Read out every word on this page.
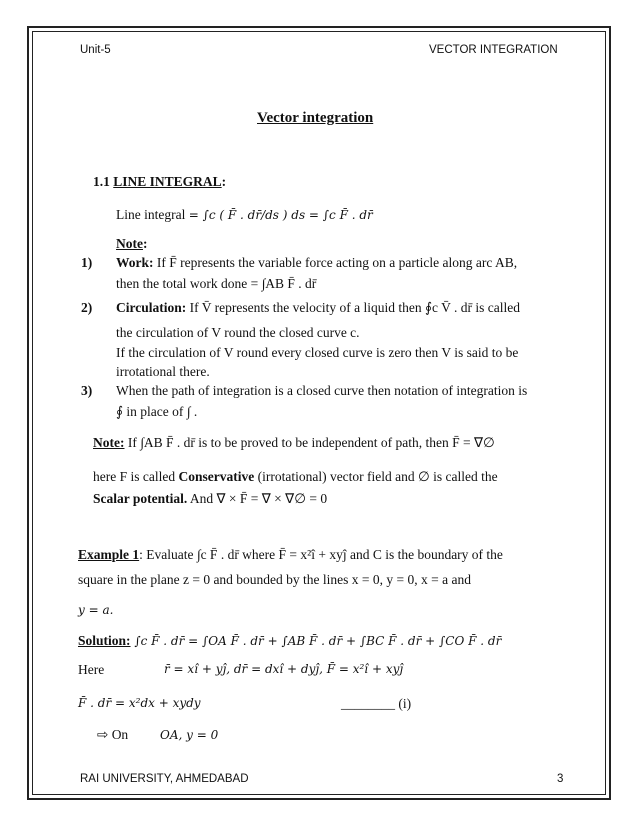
Unit-5	VECTOR INTEGRATION
Vector integration
1.1 LINE INTEGRAL:
Line integral = ∫c ( F̄ . dr̄/ds ) ds = ∫c F̄ . dr̄
Note:
1) Work: If F̄ represents the variable force acting on a particle along arc AB,
then the total work done = ∫AB F̄ . dr̄
2) Circulation: If V̄ represents the velocity of a liquid then ∮c V̄ . dr̄ is called
the circulation of V round the closed curve c.
If the circulation of V round every closed curve is zero then V is said to be
irrotational there.
3) When the path of integration is a closed curve then notation of integration is
∮ in place of ∫ .
Note: If ∫AB F̄ . dr̄ is to be proved to be independent of path, then F̄ = ∇∅
here F is called Conservative (irrotational) vector field and ∅ is called the
Scalar potential. And ∇ × F̄ = ∇ × ∇∅ = 0
Example 1: Evaluate ∫c F̄ . dr̄ where F̄ = x²î + xyĵ and C is the boundary of the
square in the plane z = 0 and bounded by the lines x = 0, y = 0, x = a and
y = a.
Solution: ∫c F̄ . dr̄ = ∫OA F̄ . dr̄ + ∫AB F̄ . dr̄ + ∫BC F̄ . dr̄ + ∫CO F̄ . dr̄
Here	r̄ = xî + yĵ, dr̄ = dxî + dyĵ, F̄ = x²î + xyĵ
F̄ . dr̄ = x²dx + xydy	________ (i)
⇨ On	OA, y = 0
RAI UNIVERSITY, AHMEDABAD	3
